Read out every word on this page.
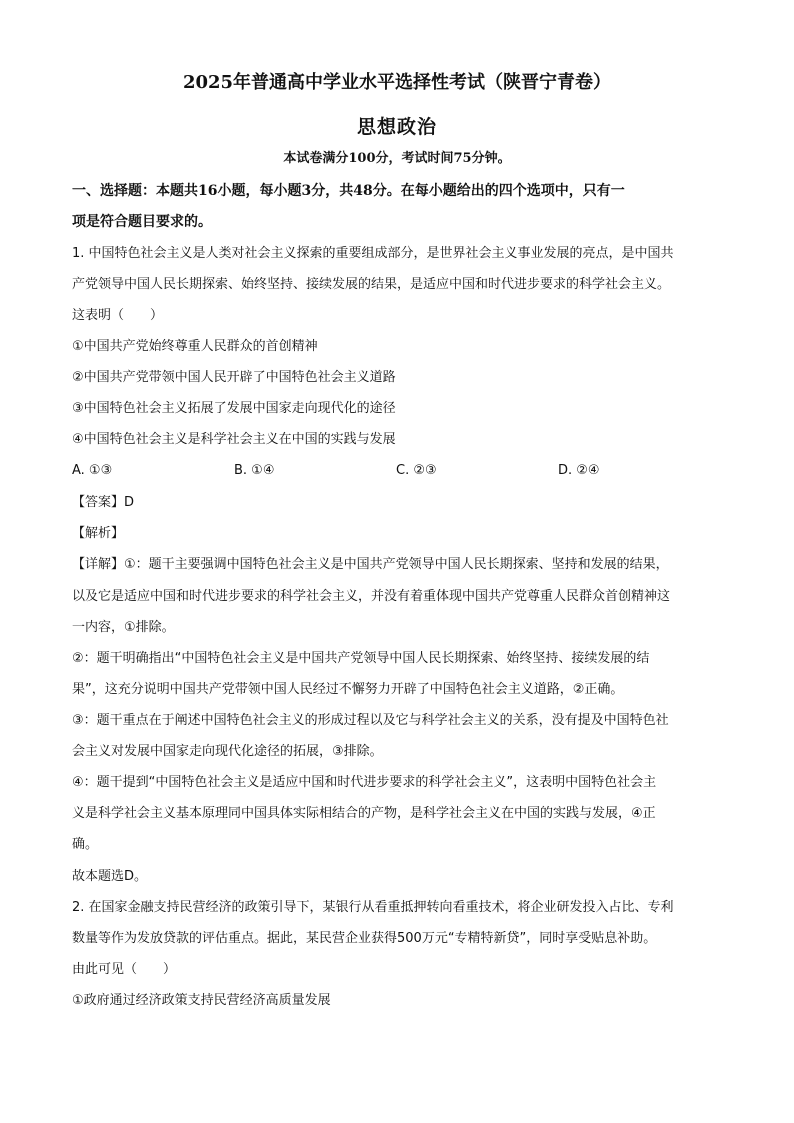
2025年普通高中学业水平选择性考试（陕晋宁青卷）
思想政治
本试卷满分100分，考试时间75分钟。
一、选择题：本题共16小题，每小题3分，共48分。在每小题给出的四个选项中，只有一
项是符合题目要求的。
1. 中国特色社会主义是人类对社会主义探索的重要组成部分，是世界社会主义事业发展的亮点，是中国共
产党领导中国人民长期探索、始终坚持、接续发展的结果，是适应中国和时代进步要求的科学社会主义。
这表明（　　）
①中国共产党始终尊重人民群众的首创精神
②中国共产党带领中国人民开辟了中国特色社会主义道路
③中国特色社会主义拓展了发展中国家走向现代化的途径
④中国特色社会主义是科学社会主义在中国的实践与发展
A. ①③	B. ①④	C. ②③	D. ②④
【答案】D
【解析】
【详解】①：题干主要强调中国特色社会主义是中国共产党领导中国人民长期探索、坚持和发展的结果，
以及它是适应中国和时代进步要求的科学社会主义，并没有着重体现中国共产党尊重人民群众首创精神这
一内容，①排除。
②：题干明确指出“中国特色社会主义是中国共产党领导中国人民长期探索、始终坚持、接续发展的结
果”，这充分说明中国共产党带领中国人民经过不懈努力开辟了中国特色社会主义道路，②正确。
③：题干重点在于阐述中国特色社会主义的形成过程以及它与科学社会主义的关系，没有提及中国特色社
会主义对发展中国家走向现代化途径的拓展，③排除。
④：题干提到“中国特色社会主义是适应中国和时代进步要求的科学社会主义”，这表明中国特色社会主
义是科学社会主义基本原理同中国具体实际相结合的产物，是科学社会主义在中国的实践与发展，④正
确。
故本题选D。
2. 在国家金融支持民营经济的政策引导下，某银行从看重抵押转向看重技术，将企业研发投入占比、专利
数量等作为发放贷款的评估重点。据此，某民营企业获得500万元“专精特新贷”，同时享受贴息补助。
由此可见（　　）
①政府通过经济政策支持民营经济高质量发展
